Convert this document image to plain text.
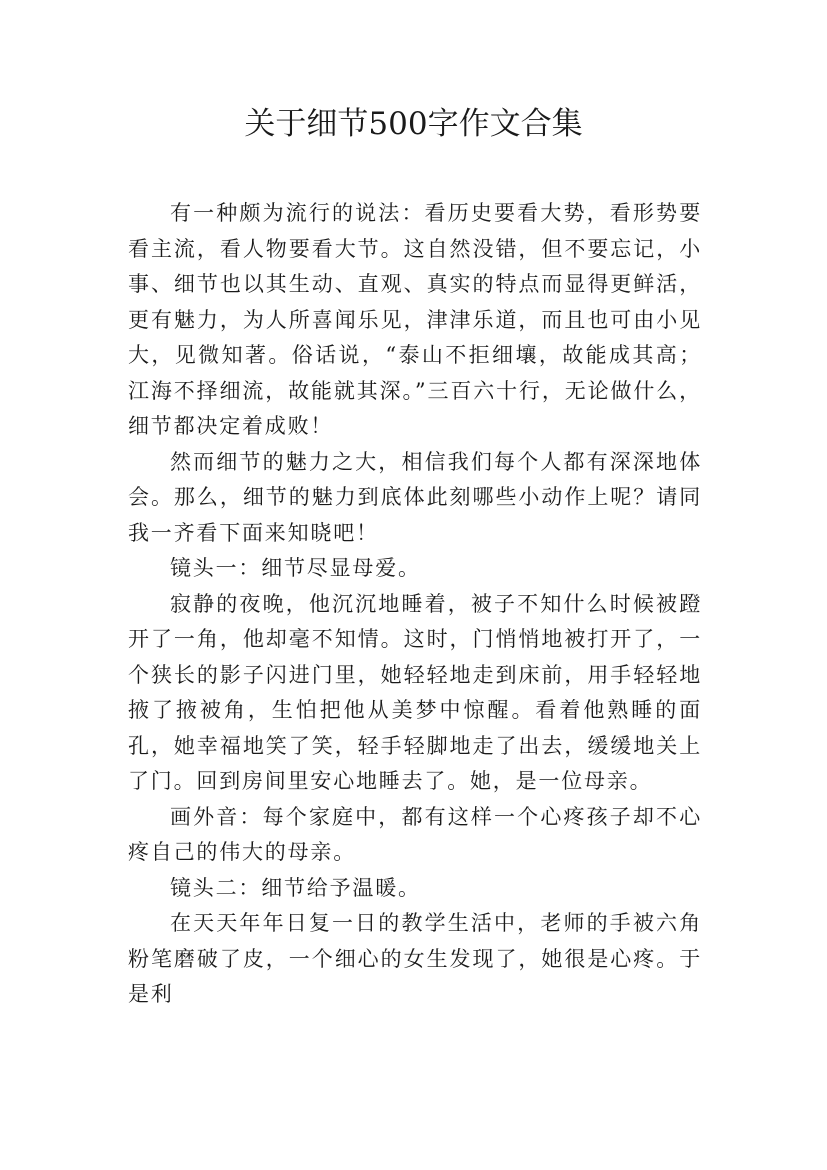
关于细节500字作文合集

有一种颇为流行的说法：看历史要看大势，看形势要看主流，看人物要看大节。这自然没错，但不要忘记，小事、细节也以其生动、直观、真实的特点而显得更鲜活，更有魅力，为人所喜闻乐见，津津乐道，而且也可由小见大，见微知著。俗话说，“泰山不拒细壤，故能成其高；江海不择细流，故能就其深。”三百六十行，无论做什么，细节都决定着成败！

然而细节的魅力之大，相信我们每个人都有深深地体会。那么，细节的魅力到底体此刻哪些小动作上呢？请同我一齐看下面来知晓吧！

镜头一：细节尽显母爱。

寂静的夜晚，他沉沉地睡着，被子不知什么时候被蹬开了一角，他却毫不知情。这时，门悄悄地被打开了，一个狭长的影子闪进门里，她轻轻地走到床前，用手轻轻地掖了掖被角，生怕把他从美梦中惊醒。看着他熟睡的面孔，她幸福地笑了笑，轻手轻脚地走了出去，缓缓地关上了门。回到房间里安心地睡去了。她，是一位母亲。

画外音：每个家庭中，都有这样一个心疼孩子却不心疼自己的伟大的母亲。

镜头二：细节给予温暖。

在天天年年日复一日的教学生活中，老师的手被六角粉笔磨破了皮，一个细心的女生发现了，她很是心疼。于是利
